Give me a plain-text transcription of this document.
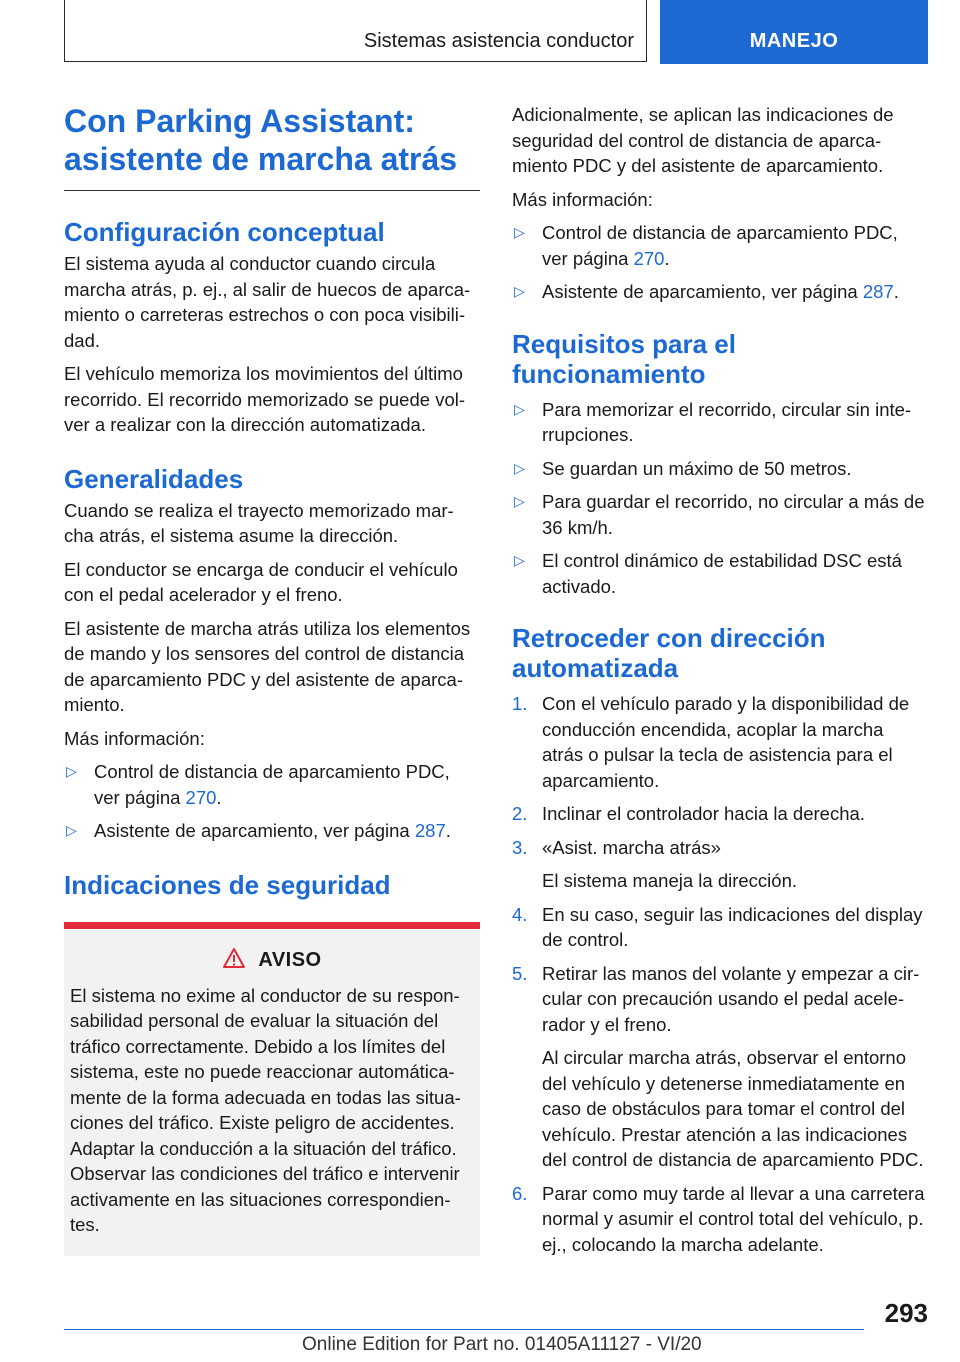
Sistemas asistencia conductor	MANEJO
Con Parking Assistant: asistente de marcha atrás
Configuración conceptual

El sistema ayuda al conductor cuando circula marcha atrás, p. ej., al salir de huecos de aparca-miento o carreteras estrechos o con poca visibili-dad.

El vehículo memoriza los movimientos del último recorrido. El recorrido memorizado se puede vol-ver a realizar con la dirección automatizada.

Generalidades

Cuando se realiza el trayecto memorizado mar-cha atrás, el sistema asume la dirección.

El conductor se encarga de conducir el vehículo con el pedal acelerador y el freno.

El asistente de marcha atrás utiliza los elementos de mando y los sensores del control de distancia de aparcamiento PDC y del asistente de aparca-miento.

Más información:

▷ Control de distancia de aparcamiento PDC, ver página 270.
▷ Asistente de aparcamiento, ver página 287.
Indicaciones de seguridad
AVISO

El sistema no exime al conductor de su respon-sabilidad personal de evaluar la situación del tráfico correctamente. Debido a los límites del sistema, este no puede reaccionar automática-mente de la forma adecuada en todas las situa-ciones del tráfico. Existe peligro de accidentes. Adaptar la conducción a la situación del tráfico. Observar las condiciones del tráfico e intervenir activamente en las situaciones correspondien-tes.

Adicionalmente, se aplican las indicaciones de seguridad del control de distancia de aparca-miento PDC y del asistente de aparcamiento.

Más información:

▷ Control de distancia de aparcamiento PDC, ver página 270.
▷ Asistente de aparcamiento, ver página 287.
Requisitos para el funcionamiento
▷ Para memorizar el recorrido, circular sin inte-rrupciones.
▷ Se guardan un máximo de 50 metros.
▷ Para guardar el recorrido, no circular a más de 36 km/h.
▷ El control dinámico de estabilidad DSC está activado.
Retroceder con dirección automatizada
1. Con el vehículo parado y la disponibilidad de conducción encendida, acoplar la marcha atrás o pulsar la tecla de asistencia para el aparcamiento.
2. Inclinar el controlador hacia la derecha.
3. «Asist. marcha atrás»
El sistema maneja la dirección.
4. En su caso, seguir las indicaciones del display de control.
5. Retirar las manos del volante y empezar a cir-cular con precaución usando el pedal acele-rador y el freno.
Al circular marcha atrás, observar el entorno del vehículo y detenerse inmediatamente en caso de obstáculos para tomar el control del vehículo. Prestar atención a las indicaciones del control de distancia de aparcamiento PDC.
6. Parar como muy tarde al llevar a una carretera normal y asumir el control total del vehículo, p. ej., colocando la marcha adelante.
293
Online Edition for Part no. 01405A11127 - VI/20
